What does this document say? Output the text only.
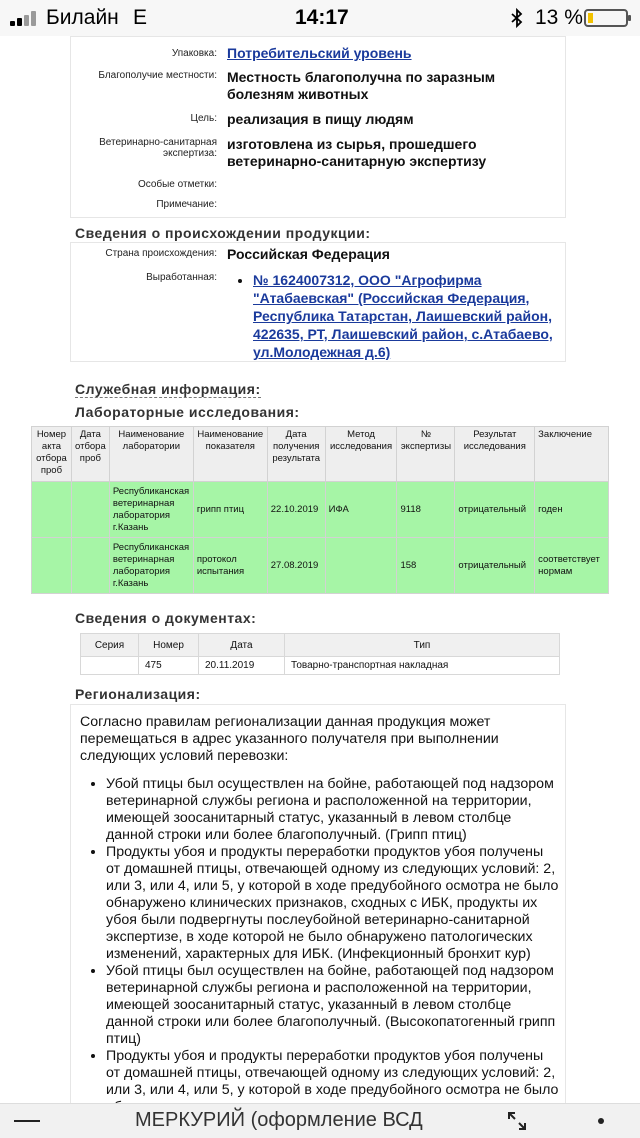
Билайн E	14:17	13 %
Упаковка: Потребительский уровень
Благополучие местности: Местность благополучна по заразным болезням животных
Цель: реализация в пищу людям
Ветеринарно-санитарная экспертиза:
изготовлена из сырья, прошедшего ветеринарно-санитарную экспертизу
Особые отметки:
Примечание:
Сведения о происхождении продукции:
Страна происхождения: Российская Федерация
Выработанная:	• № 1624007312, ООО "Агрофирма "Атабаевская" (Российская Федерация, Республика Татарстан, Лаишевский район, 422635, РТ, Лаишевский район, с.Атабаево, ул.Молодежная д.6)
Служебная информация:
Лабораторные исследования:
Номер акта отбора проб	Дата отбора проб	Наименование лаборатории	Наименование показателя	Дата получения результата	Метод исследования	№ экспертизы	Результат исследования	Заключение
		Республиканская ветеринарная лаборатория г.Казань	грипп птиц	22.10.2019	ИФА	9118	отрицательный	годен
		Республиканская ветеринарная лаборатория г.Казань	протокол испытания	27.08.2019		158	отрицательный	соответствует нормам
Сведения о документах:
Серия	Номер	Дата	Тип
	475	20.11.2019	Товарно-транспортная накладная
Регионализация:

Согласно правилам регионализации данная продукция может перемещаться в адрес указанного получателя при выполнении следующих условий перевозки:

• Убой птицы был осуществлен на бойне, работающей под надзором ветеринарной службы региона и расположенной на территории, имеющей зоосанитарный статус, указанный в левом столбце данной строки или более благополучный. (Грипп птиц)
• Продукты убоя и продукты переработки продуктов убоя получены от домашней птицы, отвечающей одному из следующих условий: 2, или 3, или 4, или 5, у которой в ходе предубойного осмотра не было обнаружено клинических признаков, сходных с ИБК, продукты их убоя были подвергнуты послеубойной ветеринарно-санитарной экспертизе, в ходе которой не было обнаружено патологических изменений, характерных для ИБК. (Инфекционный бронхит кур)
• Убой птицы был осуществлен на бойне, работающей под надзором ветеринарной службы региона и расположенной на территории, имеющей зоосанитарный статус, указанный в левом столбце данной строки или более благополучный. (Высокопатогенный грипп птиц)
• Продукты убоя и продукты переработки продуктов убоя получены от домашней птицы, отвечающей одному из следующих условий: 2, или 3, или 4, или 5, у которой в ходе предубойного осмотра не было
МЕРКУРИЙ (оформление ВСД
